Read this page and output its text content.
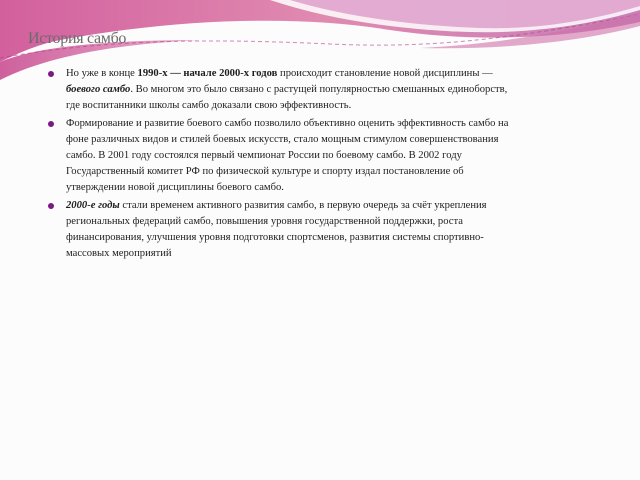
История самбо
Но уже в конце 1990-х — начале 2000-х годов происходит становление новой дисциплины — боевого самбо. Во многом это было связано с растущей популярностью смешанных единоборств, где воспитанники школы самбо доказали свою эффективность.
Формирование и развитие боевого самбо позволило объективно оценить эффективность самбо на фоне различных видов и стилей боевых искусств, стало мощным стимулом совершенствования самбо. В 2001 году состоялся первый чемпионат России по боевому самбо. В 2002 году Государственный комитет РФ по физической культуре и спорту издал постановление об утверждении новой дисциплины боевого самбо.
2000-е годы стали временем активного развития самбо, в первую очередь за счёт укрепления региональных федераций самбо, повышения уровня государственной поддержки, роста финансирования, улучшения уровня подготовки спортсменов, развития системы спортивно-массовых мероприятий
